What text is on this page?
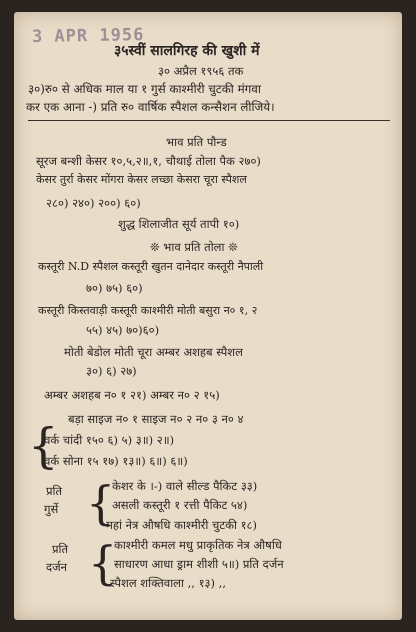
3 APR 1956
३५स्वीं सालगिरह की खुशी में
३० अप्रैल १९५६ तक
३०)रु० से अधिक माल या १ गुर्स काश्मीरी चुटकी मंगवा
कर एक आना ‑) प्रति रु० वार्षिक स्पैशल कन्सैशन लीजिये।
भाव प्रति पौन्ड
सूरज बन्शी केसर १०,५,२॥,१, चौथाई तोला पैक २७०)
केसर तुर्रा केसर मोंगरा केसर लच्छा केसरा चूरा स्पैशल
२८०) २४०) २००) ६०)
शुद्ध शिलाजीत सूर्य तापी १०)
❊ भाव प्रति तोला ❊
कस्तूरी N.D स्पैशल कस्तूरी खुतन दानेदार कस्तूरी नैपाली
७०) ७५) ६०)
कस्तूरी किस्तवाड़ी कस्तूरी काश्मीरी मोती बसुरा न० १, २
५५) ४५) ७०)६०)
मोती बेडोल मोती चूरा अम्बर अशहब स्पैशल
३०) ६) २७)
अम्बर अशहब न० १ २१) अम्बर न० २ १५)
{ बड़ा साइज न० १ साइज न० २ न० ३ न० ४
वर्क चांदी १५० ६) ५) ३॥) २॥)
वर्क सोना १५ १७) १३॥) ६॥) ६॥)
प्रति
गुर्से {
केशर के ।‑) वाले सील्ड पैकिट ३३)
असली कस्तूरी १ रत्ती पैकिट ५४)
महां नेत्र औषधि काश्मीरी चुटकी १८)
प्रति
दर्जन {
काश्मीरी कमल मधु प्राकृतिक नेत्र औषधि
साधारण आधा ड्राम शीशी ५॥) प्रति दर्जन
स्पैशल शक्तिवाला ,, १३) ,,
